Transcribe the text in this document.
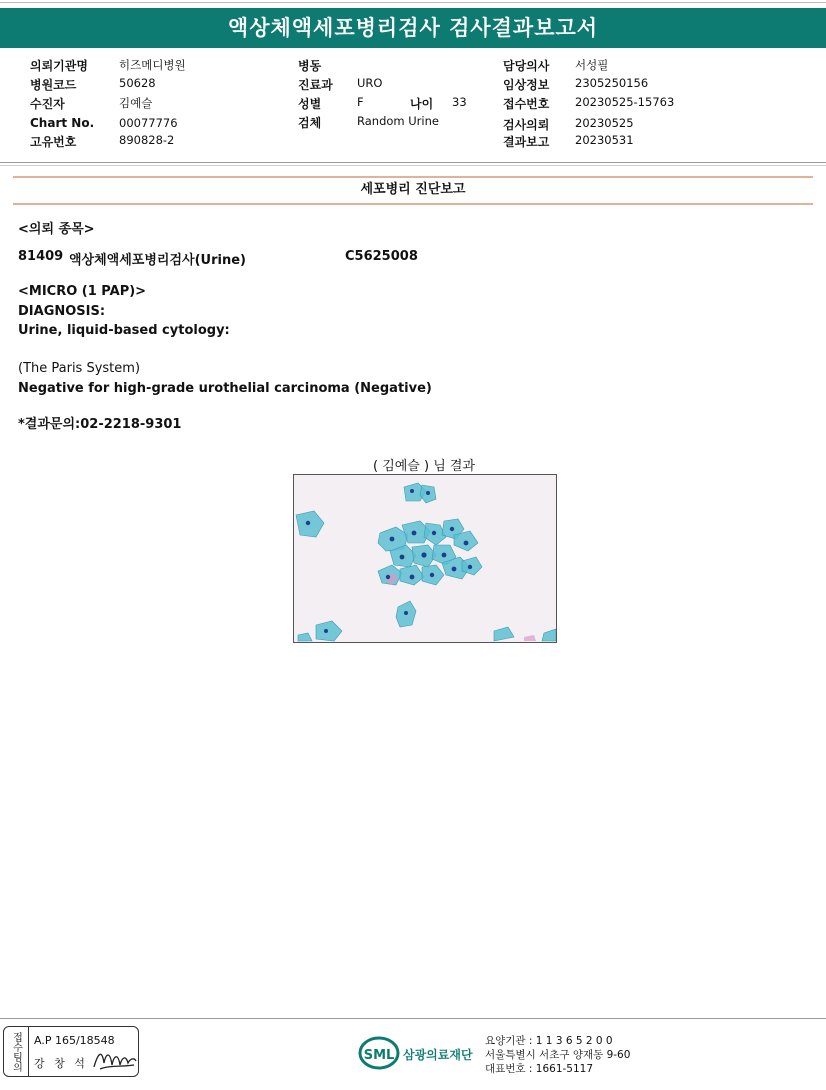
액상체액세포병리검사 검사결과보고서
의뢰기관명	히즈메디병원
병원코드	50628
수진자	김예슬
Chart No. 00077776
고유번호	890828-2
병동
진료과 URO
성별	F	나이 33
검체	Random Urine
담당의사 서성필
임상정보 2305250156
접수번호 20230525-15763
검사의뢰 20230525
결과보고 20230531
세포병리 진단보고
<의뢰 종목>
81409 액상체액세포병리검사(Urine)	C5625008
<MICRO (1 PAP)>
DIAGNOSIS:
Urine, liquid-based cytology:
(The Paris System)
Negative for high-grade urothelial carcinoma (Negative)
*결과문의:02-2218-9301
( 김예슬 ) 님 결과
접수팀의	A.P 165/18548
강 창 석
SML 삼광의료재단
요양기관 : 1 1 3 6 5 2 0 0
서울특별시 서초구 양재동 9-60
대표번호 : 1661-5117
